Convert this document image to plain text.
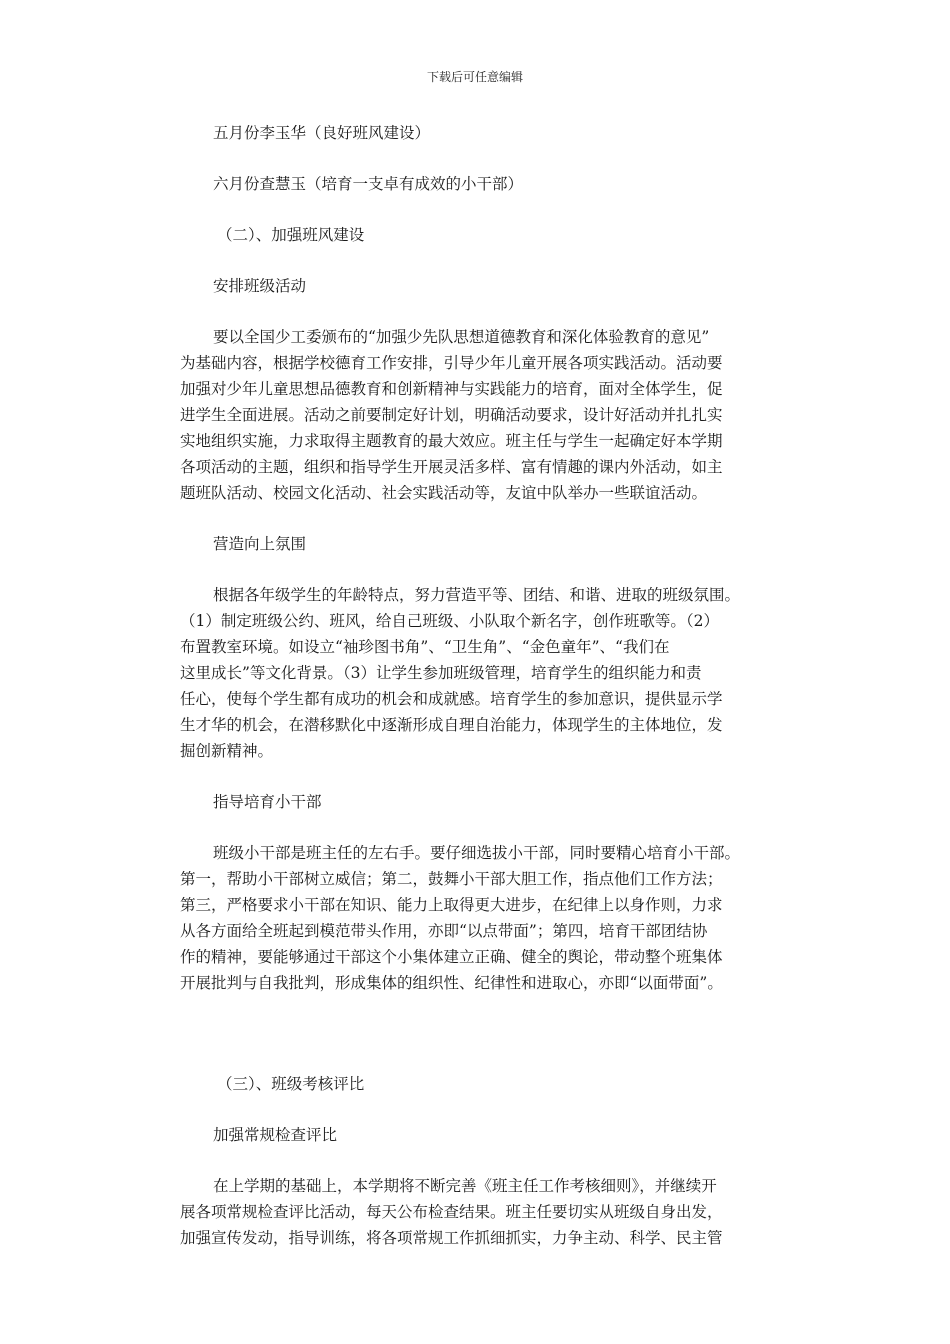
下载后可任意编辑
五月份李玉华（良好班风建设）
六月份查慧玉（培育一支卓有成效的小干部）
（二）、加强班风建设
安排班级活动
要以全国少工委颁布的“加强少先队思想道德教育和深化体验教育的意见”
为基础内容，根据学校德育工作安排，引导少年儿童开展各项实践活动。活动要
加强对少年儿童思想品德教育和创新精神与实践能力的培育，面对全体学生，促
进学生全面进展。活动之前要制定好计划，明确活动要求，设计好活动并扎扎实
实地组织实施，力求取得主题教育的最大效应。班主任与学生一起确定好本学期
各项活动的主题，组织和指导学生开展灵活多样、富有情趣的课内外活动，如主
题班队活动、校园文化活动、社会实践活动等，友谊中队举办一些联谊活动。
营造向上氛围
根据各年级学生的年龄特点，努力营造平等、团结、和谐、进取的班级氛围。
（1）制定班级公约、班风，给自己班级、小队取个新名字，创作班歌等。（2）
布置教室环境。如设立“袖珍图书角”、“卫生角”、“金色童年”、“我们在
这里成长”等文化背景。（3）让学生参加班级管理，培育学生的组织能力和责
任心，使每个学生都有成功的机会和成就感。培育学生的参加意识，提供显示学
生才华的机会，在潜移默化中逐渐形成自理自治能力，体现学生的主体地位，发
掘创新精神。
指导培育小干部
班级小干部是班主任的左右手。要仔细选拔小干部，同时要精心培育小干部。
第一，帮助小干部树立威信；第二，鼓舞小干部大胆工作，指点他们工作方法；
第三，严格要求小干部在知识、能力上取得更大进步，在纪律上以身作则，力求
从各方面给全班起到模范带头作用，亦即“以点带面”；第四，培育干部团结协
作的精神，要能够通过干部这个小集体建立正确、健全的舆论，带动整个班集体
开展批判与自我批判，形成集体的组织性、纪律性和进取心，亦即“以面带面”。
（三）、班级考核评比
加强常规检查评比
在上学期的基础上，本学期将不断完善《班主任工作考核细则》，并继续开
展各项常规检查评比活动，每天公布检查结果。班主任要切实从班级自身出发，
加强宣传发动，指导训练，将各项常规工作抓细抓实，力争主动、科学、民主管
